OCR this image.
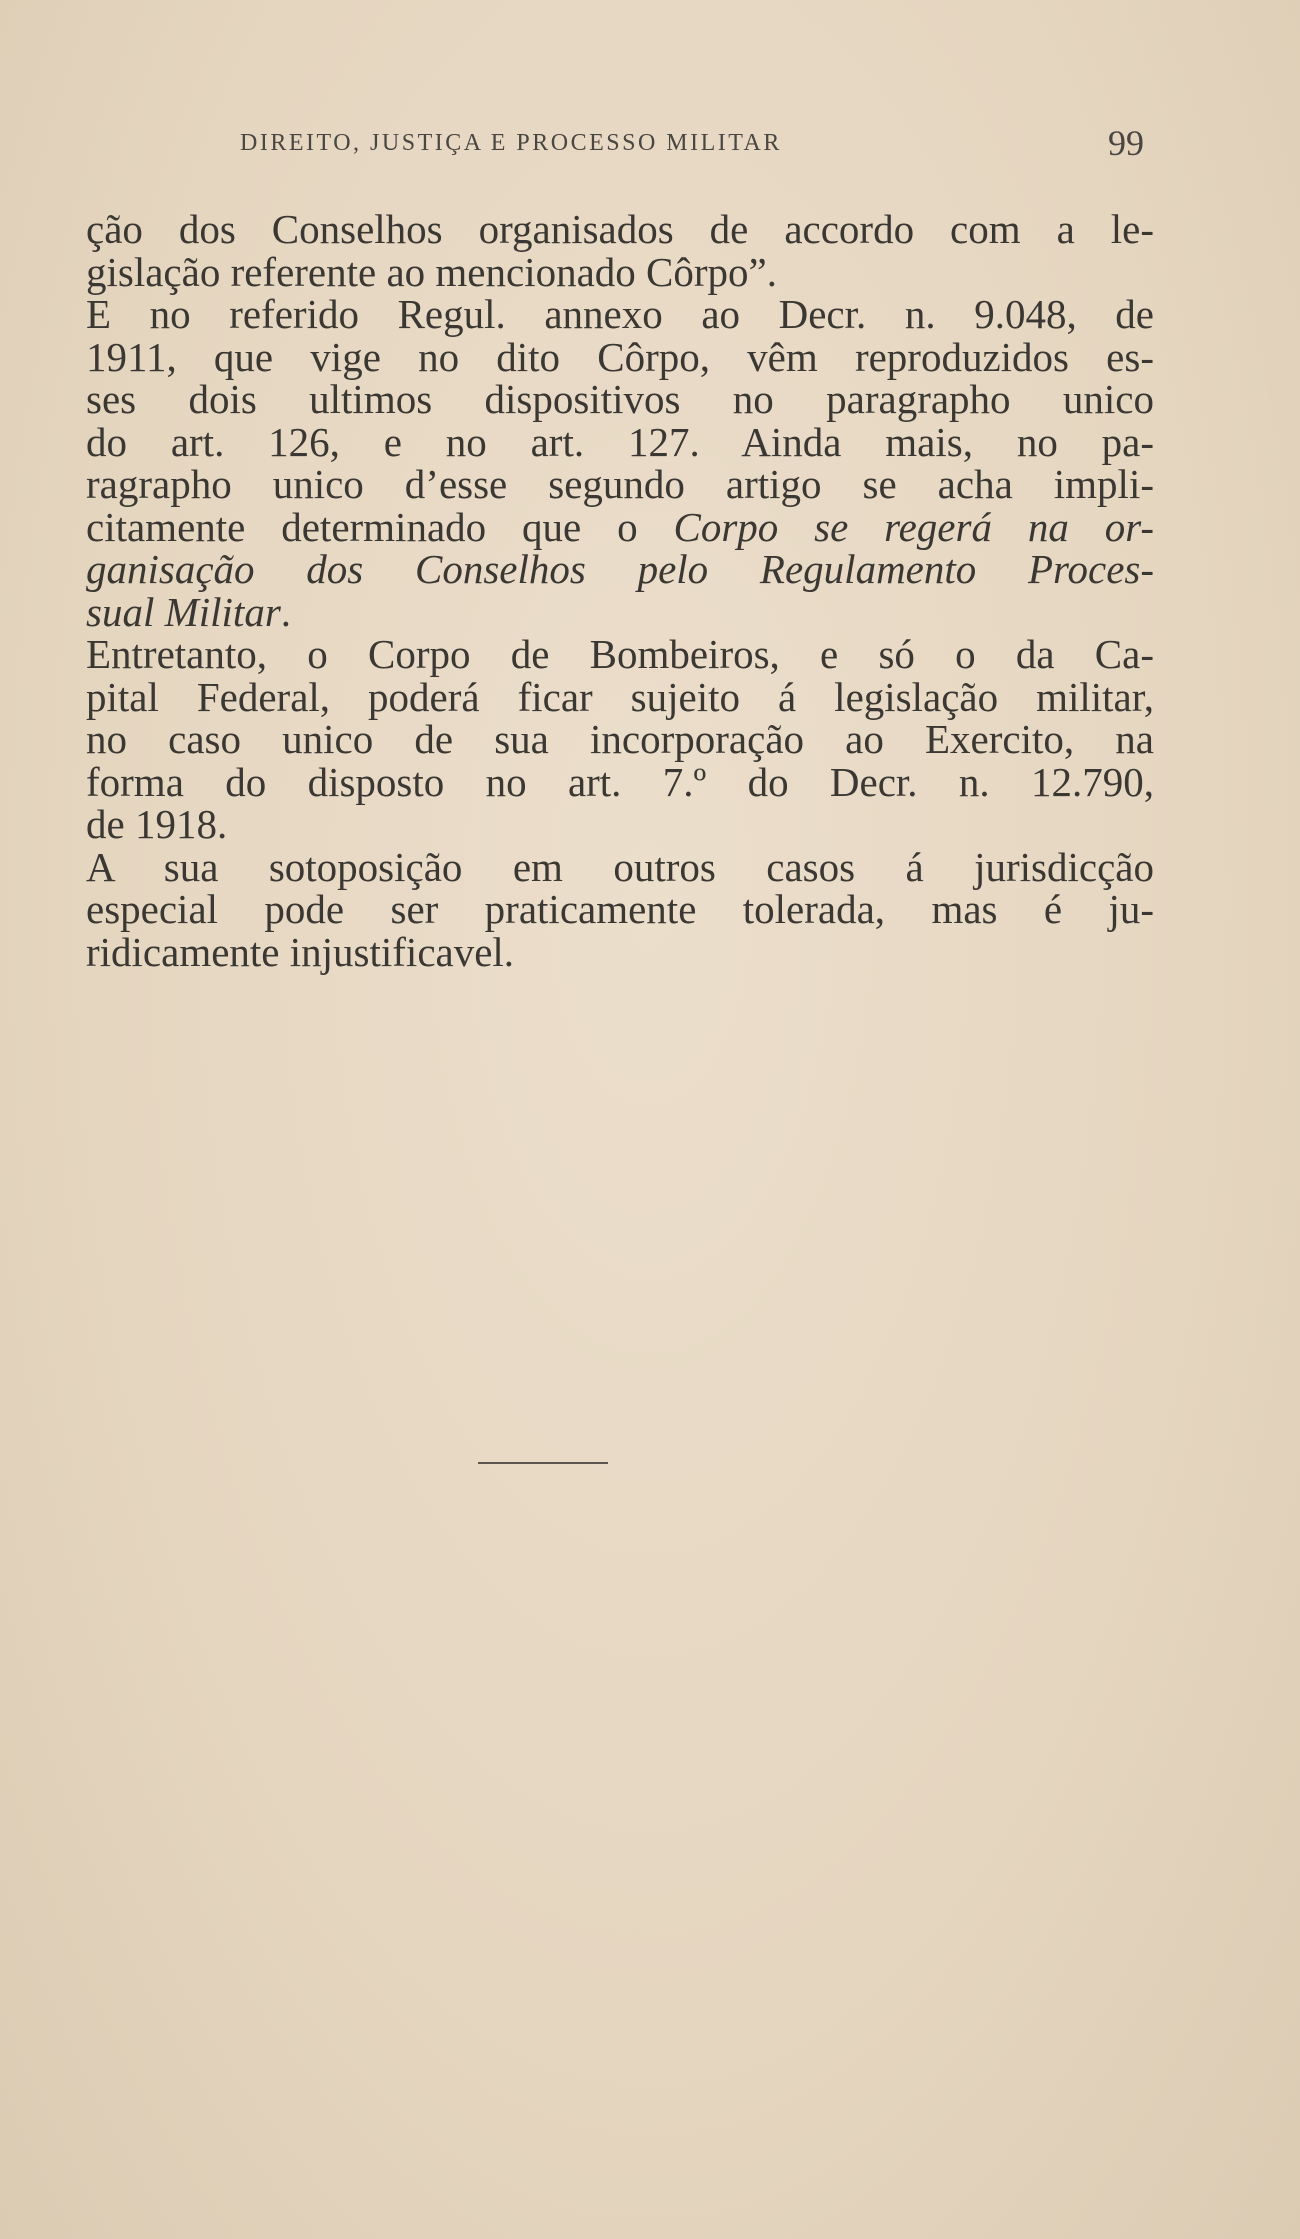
DIREITO, JUSTIÇA E PROCESSO MILITAR	99
ção dos Conselhos organisados de accordo com a le-
gislação referente ao mencionado Côrpo”.
E no referido Regul. annexo ao Decr. n. 9.048, de
1911, que vige no dito Côrpo, vêm reproduzidos es-
ses dois ultimos dispositivos no paragrapho unico
do art. 126, e no art. 127. Ainda mais, no pa-
ragrapho unico d’esse segundo artigo se acha impli-
citamente determinado que o Corpo se regerá na or-
ganisação dos Conselhos pelo Regulamento Proces-
sual Militar.
Entretanto, o Corpo de Bombeiros, e só o da Ca-
pital Federal, poderá ficar sujeito á legislação militar,
no caso unico de sua incorporação ao Exercito, na
forma do disposto no art. 7.º do Decr. n. 12.790,
de 1918.
A sua sotoposição em outros casos á jurisdicção
especial pode ser praticamente tolerada, mas é ju-
ridicamente injustificavel.
